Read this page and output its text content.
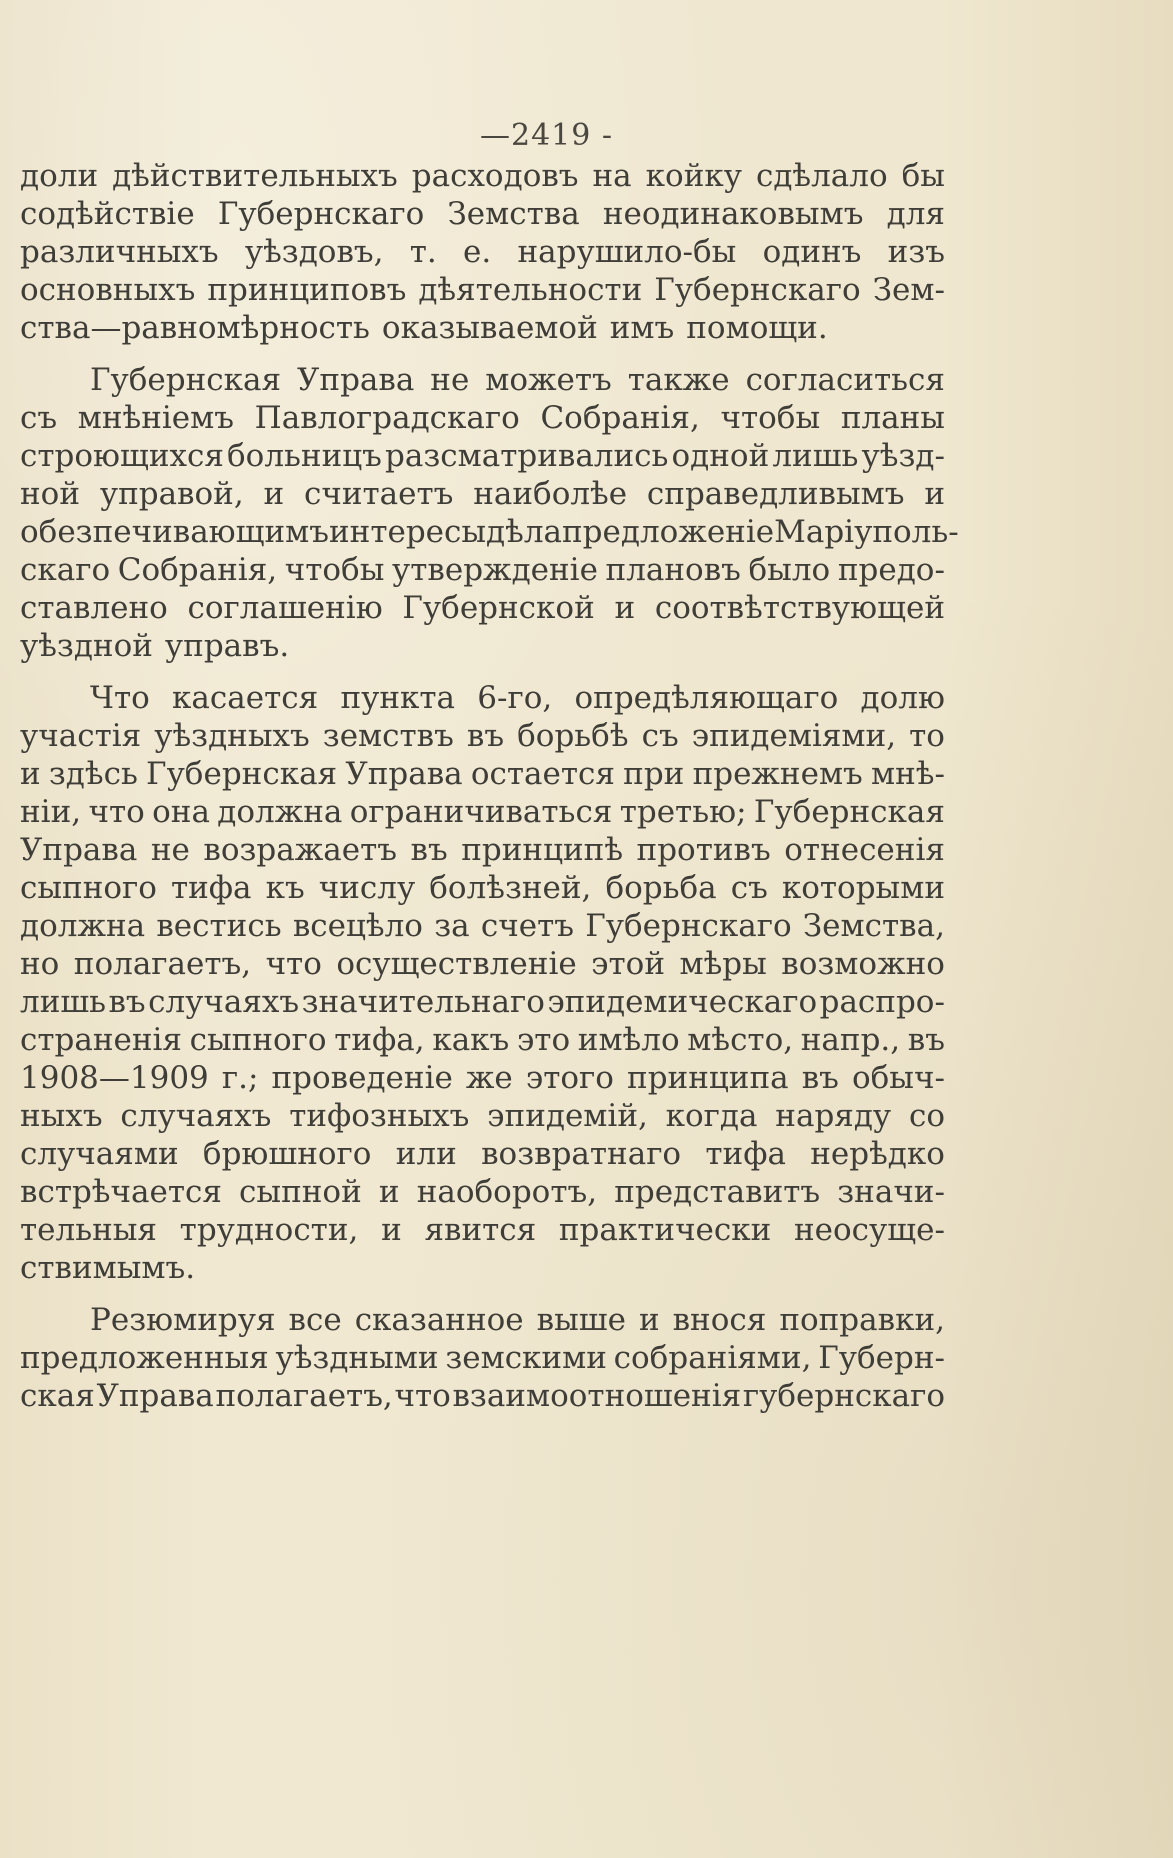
—2419 -
доли дѣйствительныхъ расходовъ на койку сдѣлало бы
содѣйствіе Губернскаго Земства неодинаковымъ для
различныхъ уѣздовъ, т. е. нарушило-бы одинъ изъ
основныхъ принциповъ дѣятельности Губернскаго Зем-
ства—равномѣрность оказываемой имъ помощи.
Губернская Управа не можетъ также согласиться
съ мнѣніемъ Павлоградскаго Собранія, чтобы планы
строющихся больницъ разсматривались одной лишь уѣзд-
ной управой, и считаетъ наиболѣе справедливымъ и
обезпечивающимъ интересы дѣла предложеніе Маріуполь-
скаго Собранія, чтобы утвержденіе плановъ было предо-
ставлено соглашенію Губернской и соотвѣтствующей
уѣздной управъ.
Что касается пункта 6-го, опредѣляющаго долю
участія уѣздныхъ земствъ въ борьбѣ съ эпидеміями, то
и здѣсь Губернская Управа остается при прежнемъ мнѣ-
ніи, что она должна ограничиваться третью; Губернская
Управа не возражаетъ въ принципѣ противъ отнесенія
сыпного тифа къ числу болѣзней, борьба съ которыми
должна вестись всецѣло за счетъ Губернскаго Земства,
но полагаетъ, что осуществленіе этой мѣры возможно
лишь въ случаяхъ значительнаго эпидемическаго распро-
страненія сыпного тифа, какъ это имѣло мѣсто, напр., въ
1908—1909 г.; проведеніе же этого принципа въ обыч-
ныхъ случаяхъ тифозныхъ эпидемій, когда наряду со
случаями брюшного или возвратнаго тифа нерѣдко
встрѣчается сыпной и наоборотъ, представитъ значи-
тельныя трудности, и явится практически неосуще-
ствимымъ.
Резюмируя все сказанное выше и внося поправки,
предложенныя уѣздными земскими собраніями, Губерн-
ская Управа полагаетъ, что взаимоотношенія губернскаго
